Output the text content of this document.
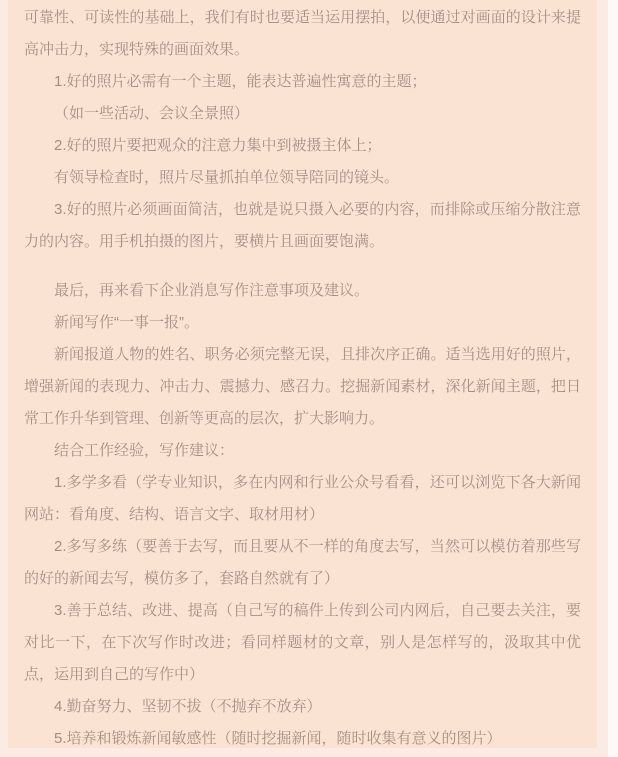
可靠性、可读性的基础上，我们有时也要适当运用摆拍，以便通过对画面的设计来提高冲击力，实现特殊的画面效果。

1.好的照片必需有一个主题，能表达普遍性寓意的主题；

（如一些活动、会议全景照）

2.好的照片要把观众的注意力集中到被摄主体上；

有领导检查时，照片尽量抓拍单位领导陪同的镜头。

3.好的照片必须画面简洁，也就是说只摄入必要的内容，而排除或压缩分散注意力的内容。用手机拍摄的图片，要横片且画面要饱满。

最后，再来看下企业消息写作注意事项及建议。

新闻写作“一事一报”。

新闻报道人物的姓名、职务必须完整无误，且排次序正确。适当选用好的照片，增强新闻的表现力、冲击力、震撼力、感召力。挖掘新闻素材，深化新闻主题，把日常工作升华到管理、创新等更高的层次，扩大影响力。

结合工作经验，写作建议：

1.多学多看（学专业知识，多在内网和行业公众号看看，还可以浏览下各大新闻网站：看角度、结构、语言文字、取材用材）

2.多写多练（要善于去写，而且要从不一样的角度去写，当然可以模仿着那些写的好的新闻去写，模仿多了，套路自然就有了）

3.善于总结、改进、提高（自己写的稿件上传到公司内网后，自己要去关注，要对比一下，在下次写作时改进；看同样题材的文章，别人是怎样写的，汲取其中优点，运用到自己的写作中）

4.勤奋努力、坚韧不拔（不抛弃不放弃）

5.培养和锻炼新闻敏感性（随时挖掘新闻，随时收集有意义的图片）
